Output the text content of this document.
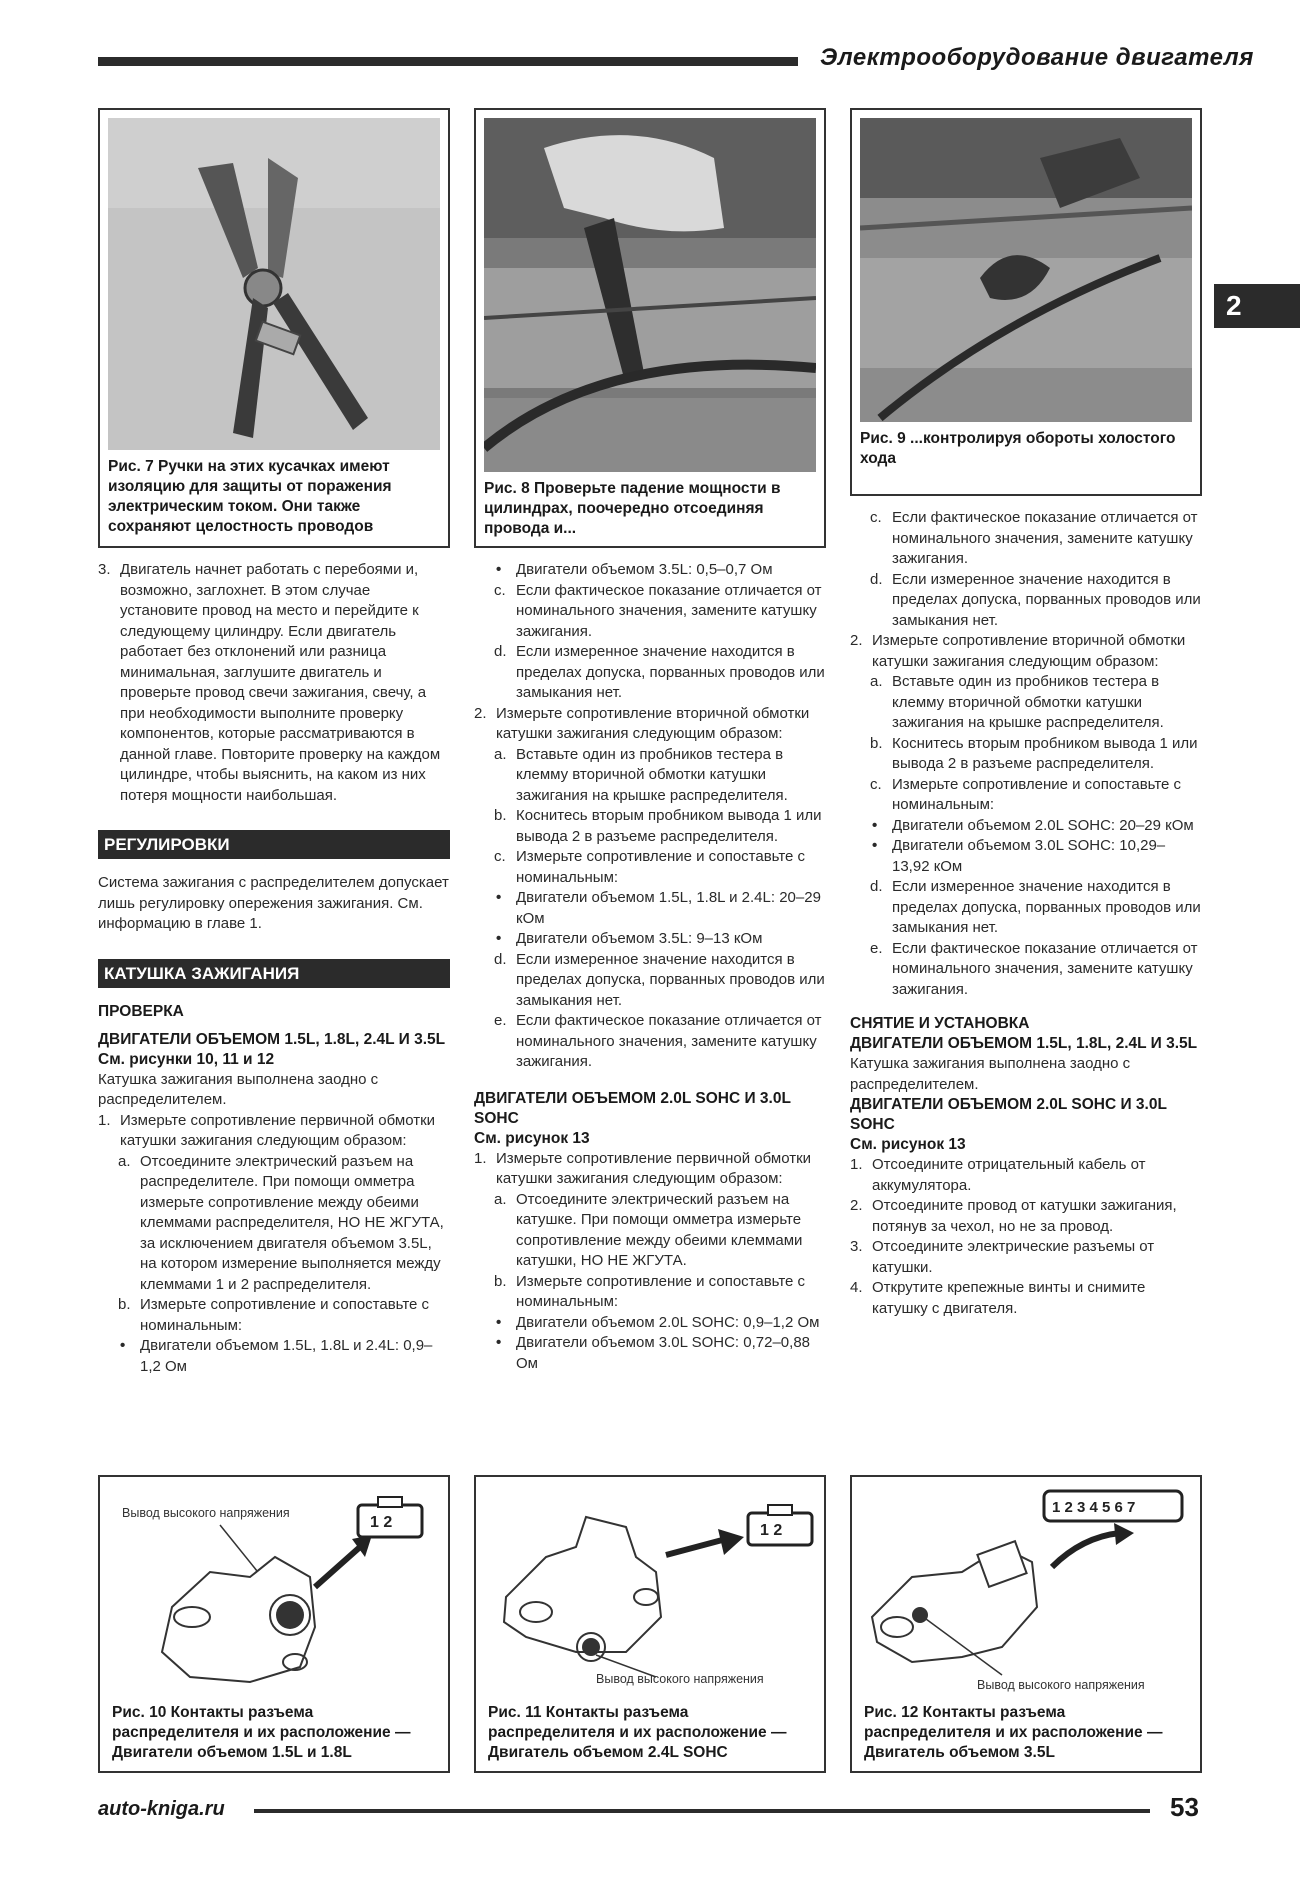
Электрооборудование двигателя
2
Рис. 7 Ручки на этих кусачках имеют изоляцию для защиты от поражения электрическим током. Они также сохраняют целостность проводов
Рис. 8 Проверьте падение мощности в цилиндрах, поочередно отсоединяя провода и...
Рис. 9 ...контролируя обороты холостого хода

3. Двигатель начнет работать с перебоями и, возможно, заглохнет. В этом случае установите провод на место и перейдите к следующему цилиндру. Если двигатель работает без отклонений или разница минимальная, заглушите двигатель и проверьте провод свечи зажигания, свечу, а при необходимости выполните проверку компонентов, которые рассматриваются в данной главе. Повторите проверку на каждом цилиндре, чтобы выяснить, на каком из них потеря мощности наибольшая.

РЕГУЛИРОВКИ

Система зажигания с распределителем допускает лишь регулировку опережения зажигания. См. информацию в главе 1.

КАТУШКА ЗАЖИГАНИЯ

ПРОВЕРКА

ДВИГАТЕЛИ ОБЪЕМОМ 1.5L, 1.8L, 2.4L И 3.5L

См. рисунки 10, 11 и 12

Катушка зажигания выполнена заодно с распределителем.

1. Измерьте сопротивление первичной обмотки катушки зажигания следующим образом:

a. Отсоедините электрический разъем на распределителе. При помощи омметра измерьте сопротивление между обеими клеммами распределителя, НО НЕ ЖГУТА, за исключением двигателя объемом 3.5L, на котором измерение выполняется между клеммами 1 и 2 распределителя.

b. Измерьте сопротивление и сопоставьте с номинальным:

• Двигатели объемом 1.5L, 1.8L и 2.4L: 0,9–1,2 Ом

• Двигатели объемом 3.5L: 0,5–0,7 Ом

c. Если фактическое показание отличается от номинального значения, замените катушку зажигания.

d. Если измеренное значение находится в пределах допуска, порванных проводов или замыкания нет.

2. Измерьте сопротивление вторичной обмотки катушки зажигания следующим образом:

a. Вставьте один из пробников тестера в клемму вторичной обмотки катушки зажигания на крышке распределителя.

b. Коснитесь вторым пробником вывода 1 или вывода 2 в разъеме распределителя.

c. Измерьте сопротивление и сопоставьте с номинальным:

• Двигатели объемом 1.5L, 1.8L и 2.4L: 20–29 кОм

• Двигатели объемом 3.5L: 9–13 кОм

d. Если измеренное значение находится в пределах допуска, порванных проводов или замыкания нет.

e. Если фактическое показание отличается от номинального значения, замените катушку зажигания.

ДВИГАТЕЛИ ОБЪЕМОМ 2.0L SOHC И 3.0L SOHC

См. рисунок 13

1. Измерьте сопротивление первичной обмотки катушки зажигания следующим образом:

a. Отсоедините электрический разъем на катушке. При помощи омметра измерьте сопротивление между обеими клеммами катушки, НО НЕ ЖГУТА.

b. Измерьте сопротивление и сопоставьте с номинальным:

• Двигатели объемом 2.0L SOHC: 0,9–1,2 Ом

• Двигатели объемом 3.0L SOHC: 0,72–0,88 Ом

c. Если фактическое показание отличается от номинального значения, замените катушку зажигания.

d. Если измеренное значение находится в пределах допуска, порванных проводов или замыкания нет.

2. Измерьте сопротивление вторичной обмотки катушки зажигания следующим образом:

a. Вставьте один из пробников тестера в клемму вторичной обмотки катушки зажигания на крышке распределителя.

b. Коснитесь вторым пробником вывода 1 или вывода 2 в разъеме распределителя.

c. Измерьте сопротивление и сопоставьте с номинальным:

• Двигатели объемом 2.0L SOHC: 20–29 кОм

• Двигатели объемом 3.0L SOHC: 10,29–13,92 кОм

d. Если измеренное значение находится в пределах допуска, порванных проводов или замыкания нет.

e. Если фактическое показание отличается от номинального значения, замените катушку зажигания.

СНЯТИЕ И УСТАНОВКА

ДВИГАТЕЛИ ОБЪЕМОМ 1.5L, 1.8L, 2.4L И 3.5L

Катушка зажигания выполнена заодно с распределителем.

ДВИГАТЕЛИ ОБЪЕМОМ 2.0L SOHC И 3.0L SOHC

См. рисунок 13

1. Отсоедините отрицательный кабель от аккумулятора.

2. Отсоедините провод от катушки зажигания, потянув за чехол, но не за провод.

3. Отсоедините электрические разъемы от катушки.

4. Открутите крепежные винты и снимите катушку с двигателя.

Вывод высокого напряжения
1 2
Рис. 10 Контакты разъема распределителя и их расположение — Двигатели объемом 1.5L и 1.8L
1 2
Вывод высокого напряжения
Рис. 11 Контакты разъема распределителя и их расположение — Двигатель объемом 2.4L SOHC
1 2 3 4 5 6 7
Вывод высокого напряжения
Рис. 12 Контакты разъема распределителя и их расположение — Двигатель объемом 3.5L
auto-kniga.ru	53
